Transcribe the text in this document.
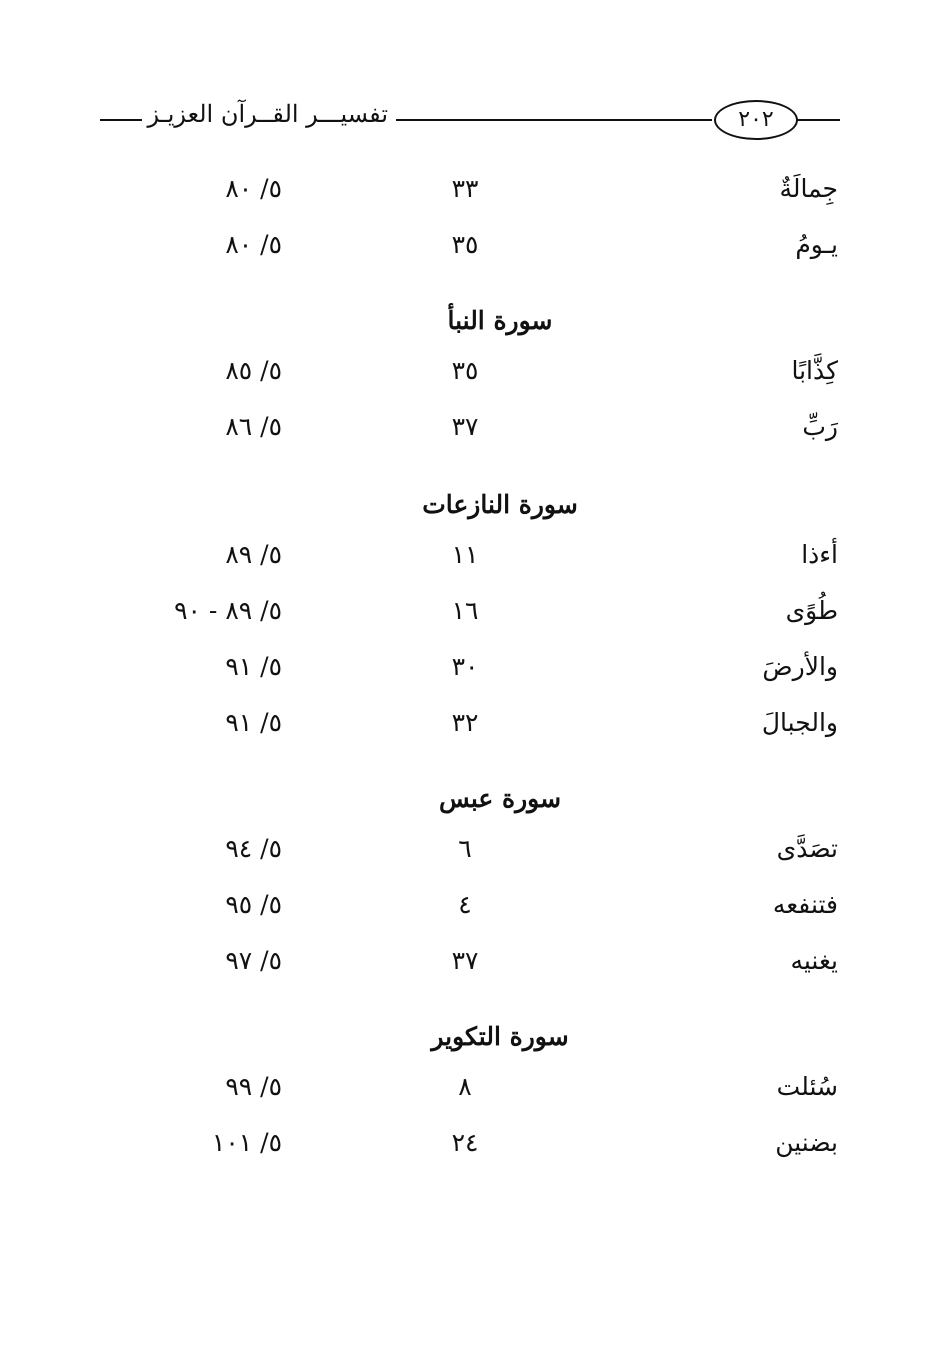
تفسيـــر القــرآن العزيـز	٢٠٢
جِمالَةٌ
٣٣
٥/ ٨٠
يـومُ
٣٥
٥/ ٨٠
سورة النبأ
كِذَّابًا
٣٥
٥/ ٨٥
رَبِّ
٣٧
٥/ ٨٦
سورة النازعات
أءذا
١١
٥/ ٨٩
طُوًى
١٦
٥/ ٨٩ - ٩٠
والأرضَ
٣٠
٥/ ٩١
والجبالَ
٣٢
٥/ ٩١
سورة عبس
تصَدَّى
٦
٥/ ٩٤
فتنفعه
٤
٥/ ٩٥
يغنيه
٣٧
٥/ ٩٧
سورة التكوير
سُئلت
٨
٥/ ٩٩
بضنين
٢٤
٥/ ١٠١
